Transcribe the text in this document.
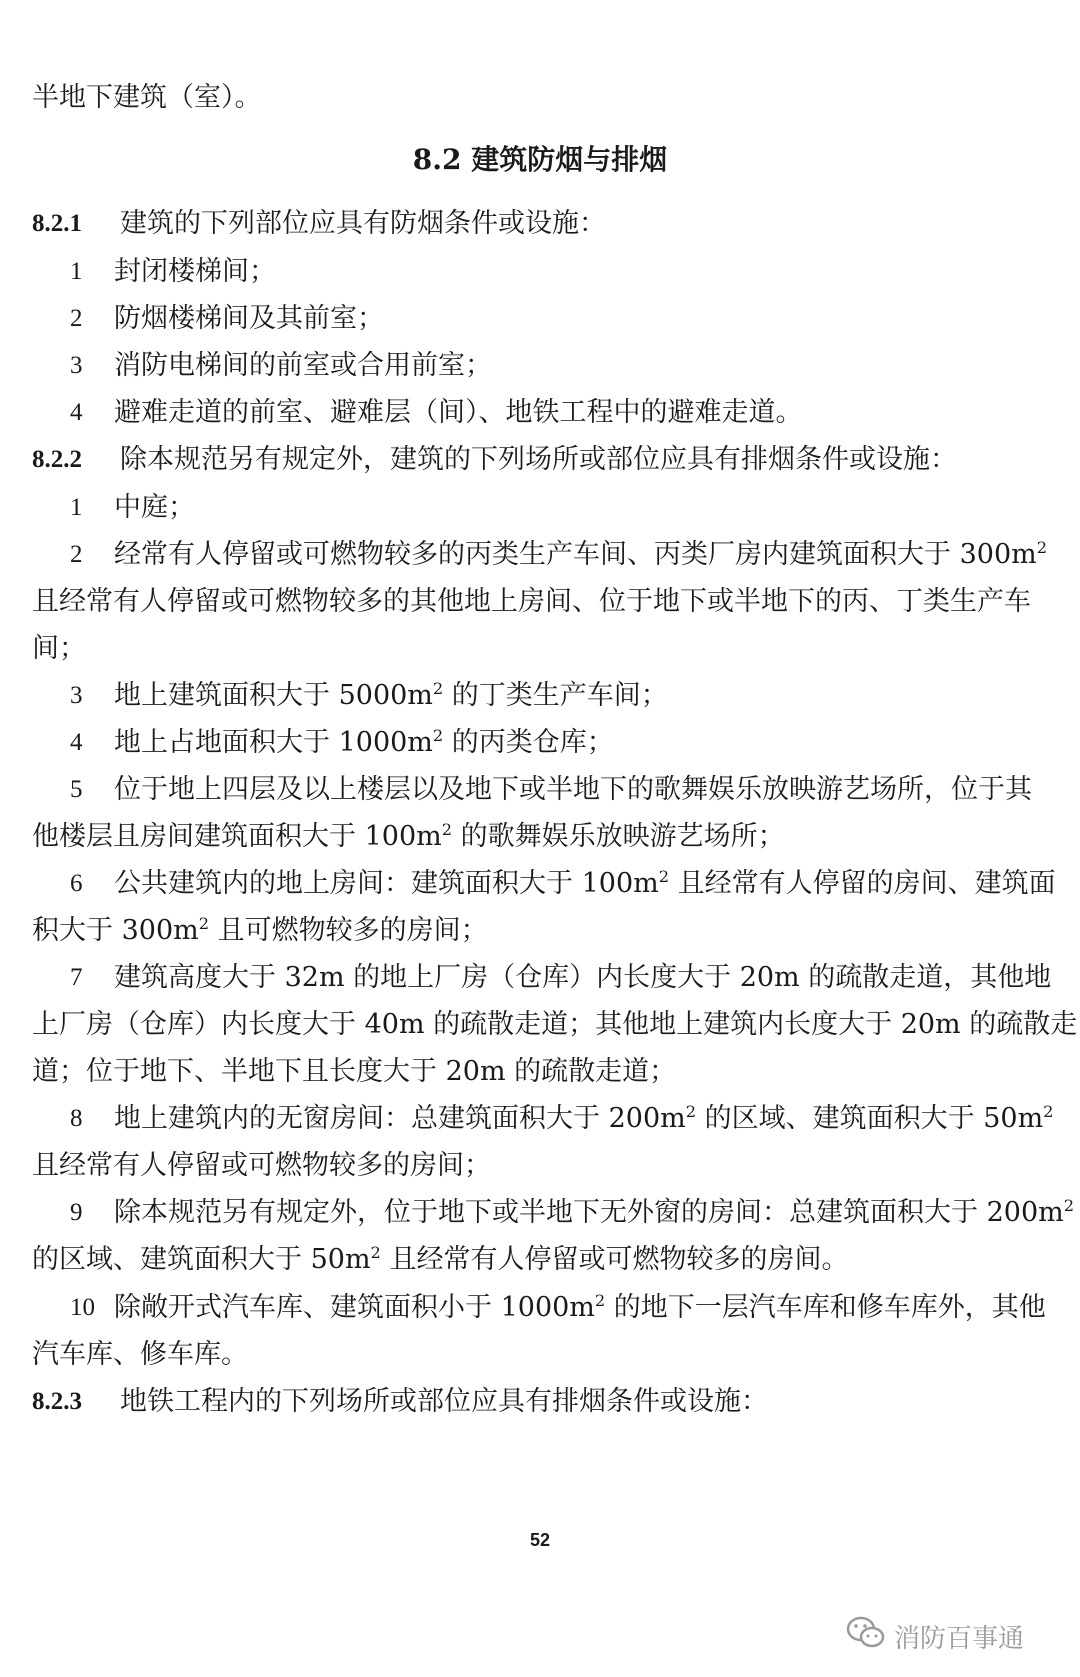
半地下建筑（室）。
8.2 建筑防烟与排烟
8.2.1 建筑的下列部位应具有防烟条件或设施：
1 封闭楼梯间；
2 防烟楼梯间及其前室；
3 消防电梯间的前室或合用前室；
4 避难走道的前室、避难层（间）、地铁工程中的避难走道。
8.2.2 除本规范另有规定外，建筑的下列场所或部位应具有排烟条件或设施：
1 中庭；
2 经常有人停留或可燃物较多的丙类生产车间、丙类厂房内建筑面积大于 $300m^2$
且经常有人停留或可燃物较多的其他地上房间、位于地下或半地下的丙、丁类生产车
间；
3 地上建筑面积大于 $5000m^2$ 的丁类生产车间；
4 地上占地面积大于 $1000m^2$ 的丙类仓库；
5 位于地上四层及以上楼层以及地下或半地下的歌舞娱乐放映游艺场所，位于其
他楼层且房间建筑面积大于 $100m^2$ 的歌舞娱乐放映游艺场所；
6 公共建筑内的地上房间：建筑面积大于 $100m^2$ 且经常有人停留的房间、建筑面
积大于 $300m^2$ 且可燃物较多的房间；
7 建筑高度大于 32m 的地上厂房（仓库）内长度大于 20m 的疏散走道，其他地
上厂房（仓库）内长度大于 40m 的疏散走道；其他地上建筑内长度大于 20m 的疏散走
道；位于地下、半地下且长度大于 20m 的疏散走道；
8 地上建筑内的无窗房间：总建筑面积大于 $200m^2$ 的区域、建筑面积大于 $50m^2$
且经常有人停留或可燃物较多的房间；
9 除本规范另有规定外，位于地下或半地下无外窗的房间：总建筑面积大于 $200m^2$
的区域、建筑面积大于 $50m^2$ 且经常有人停留或可燃物较多的房间。
10 除敞开式汽车库、建筑面积小于 $1000m^2$ 的地下一层汽车库和修车库外，其他
汽车库、修车库。
8.2.3 地铁工程内的下列场所或部位应具有排烟条件或设施：
52
消防百事通
